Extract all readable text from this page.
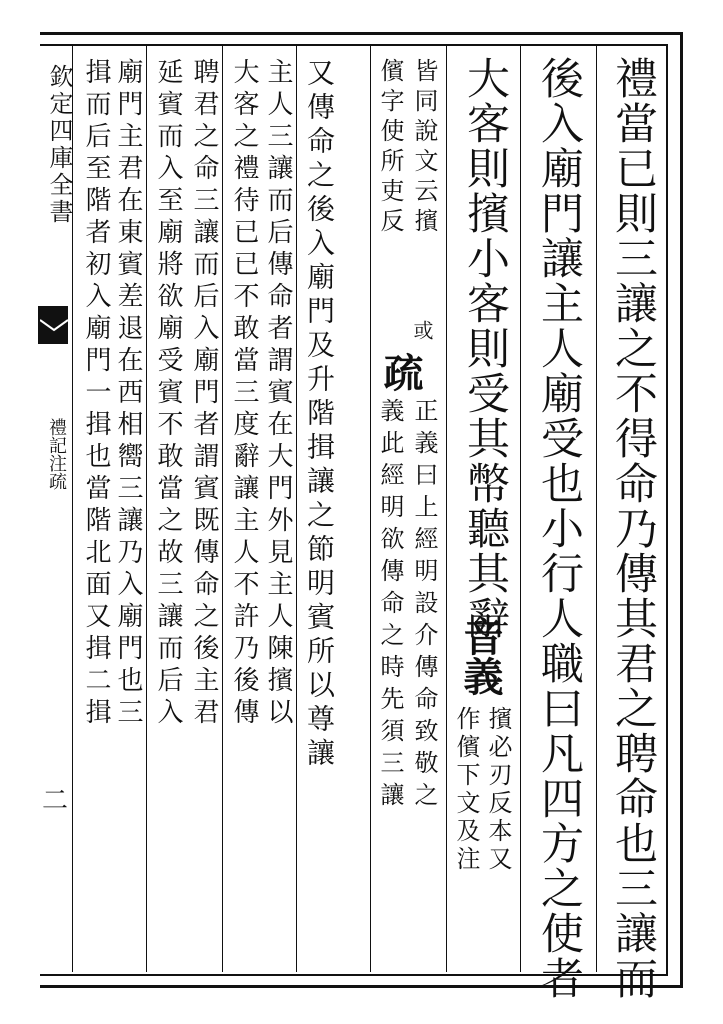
欽定四庫全書
禮記注疏
二	禮當已則三讓之不得命乃傳其君之聘命也三讓而
後入廟門讓主人廟受也小行人職曰凡四方之使者
大客則擯小客則受其幣聽其辭
音義
擯必刃反本又
作儐下文及注
皆同說文云擯
儐字使所吏反
或
疏
正義曰上經明設介傳命致敬之
義此經明欲傳命之時先須三讓
又傳命之後入廟門及升階揖讓之節明賓所以尊讓
主人三讓而后傳命者謂賓在大門外見主人陳擯以
大客之禮待已已不敢當三度辭讓主人不許乃後傳
聘君之命三讓而后入廟門者謂賓既傳命之後主君
延賓而入至廟將欲廟受賓不敢當之故三讓而后入
廟門主君在東賓差退在西相嚮三讓乃入廟門也三
揖而后至階者初入廟門一揖也當階北面又揖二揖
